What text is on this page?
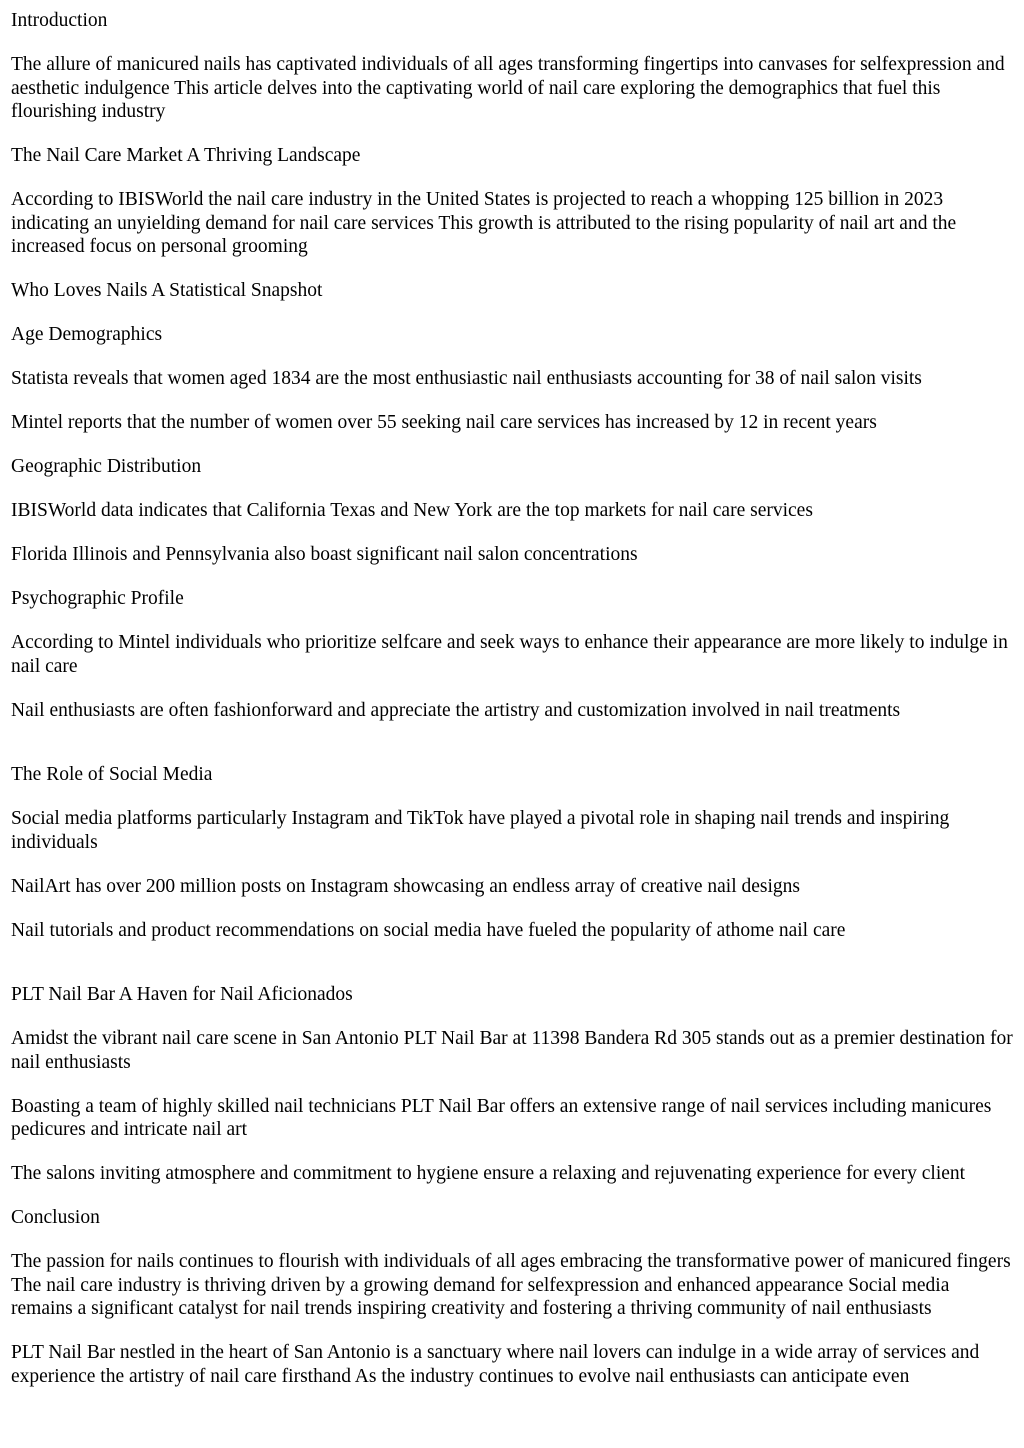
Introduction

The allure of manicured nails has captivated individuals of all ages transforming fingertips into canvases for selfexpression and aesthetic indulgence This article delves into the captivating world of nail care exploring the demographics that fuel this flourishing industry

The Nail Care Market A Thriving Landscape

According to IBISWorld the nail care industry in the United States is projected to reach a whopping 125 billion in 2023 indicating an unyielding demand for nail care services This growth is attributed to the rising popularity of nail art and the increased focus on personal grooming

Who Loves Nails A Statistical Snapshot

Age Demographics

Statista reveals that women aged 1834 are the most enthusiastic nail enthusiasts accounting for 38 of nail salon visits

Mintel reports that the number of women over 55 seeking nail care services has increased by 12 in recent years

Geographic Distribution

IBISWorld data indicates that California Texas and New York are the top markets for nail care services

Florida Illinois and Pennsylvania also boast significant nail salon concentrations

Psychographic Profile

According to Mintel individuals who prioritize selfcare and seek ways to enhance their appearance are more likely to indulge in nail care

Nail enthusiasts are often fashionforward and appreciate the artistry and customization involved in nail treatments

The Role of Social Media

Social media platforms particularly Instagram and TikTok have played a pivotal role in shaping nail trends and inspiring individuals

NailArt has over 200 million posts on Instagram showcasing an endless array of creative nail designs

Nail tutorials and product recommendations on social media have fueled the popularity of athome nail care

PLT Nail Bar A Haven for Nail Aficionados

Amidst the vibrant nail care scene in San Antonio PLT Nail Bar at 11398 Bandera Rd 305 stands out as a premier destination for nail enthusiasts

Boasting a team of highly skilled nail technicians PLT Nail Bar offers an extensive range of nail services including manicures pedicures and intricate nail art

The salons inviting atmosphere and commitment to hygiene ensure a relaxing and rejuvenating experience for every client

Conclusion

The passion for nails continues to flourish with individuals of all ages embracing the transformative power of manicured fingers The nail care industry is thriving driven by a growing demand for selfexpression and enhanced appearance Social media remains a significant catalyst for nail trends inspiring creativity and fostering a thriving community of nail enthusiasts

PLT Nail Bar nestled in the heart of San Antonio is a sanctuary where nail lovers can indulge in a wide array of services and experience the artistry of nail care firsthand As the industry continues to evolve nail enthusiasts can anticipate even
